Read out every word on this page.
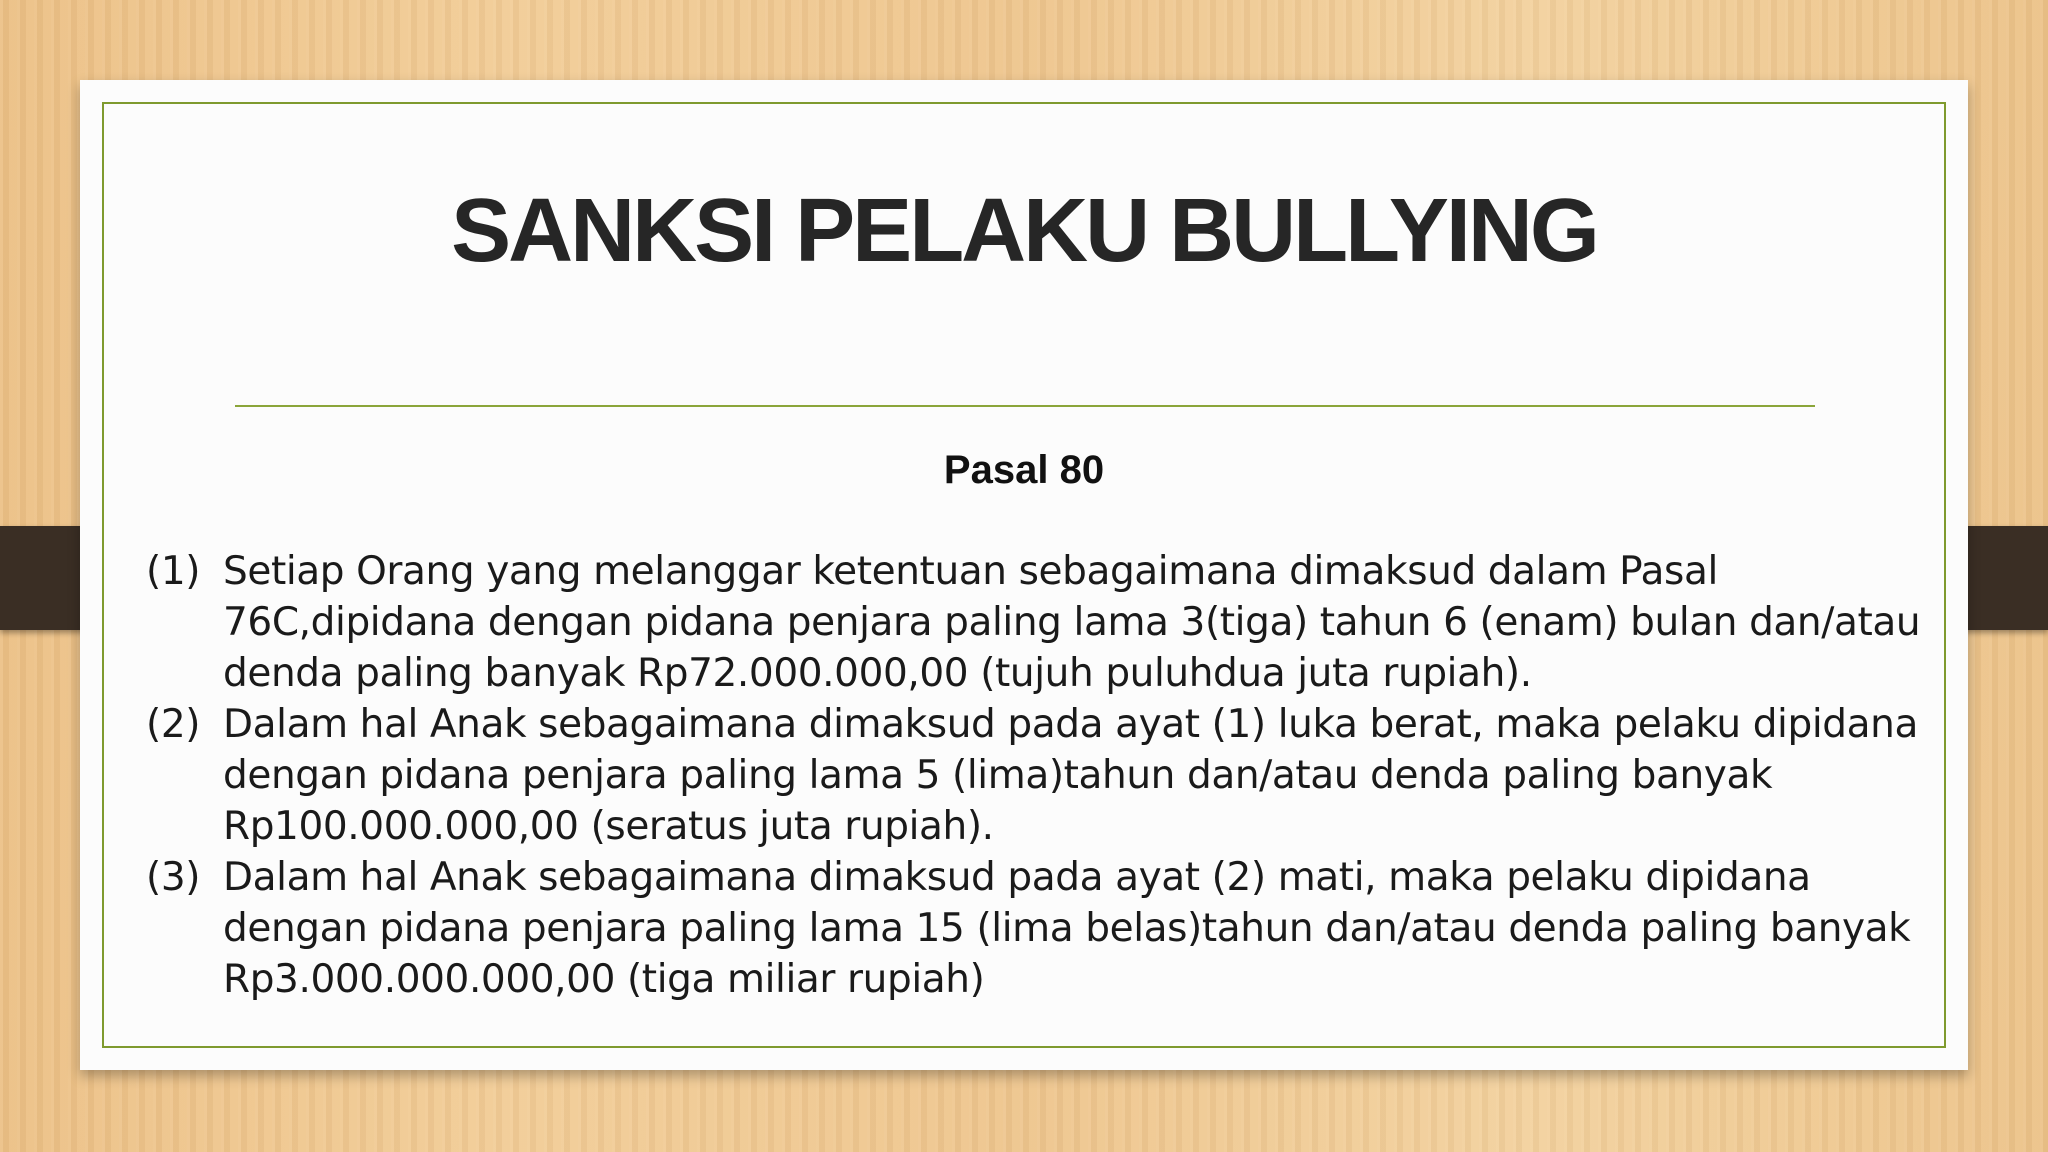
SANKSI PELAKU BULLYING
Pasal 80
(1) Setiap Orang yang melanggar ketentuan sebagaimana dimaksud dalam Pasal 76C,dipidana dengan pidana penjara paling lama 3(tiga) tahun 6 (enam) bulan dan/atau denda paling banyak Rp72.000.000,00 (tujuh puluhdua juta rupiah).
(2) Dalam hal Anak sebagaimana dimaksud pada ayat (1) luka berat, maka pelaku dipidana dengan pidana penjara paling lama 5 (lima)tahun dan/atau denda paling banyak Rp100.000.000,00 (seratus juta rupiah).
(3) Dalam hal Anak sebagaimana dimaksud pada ayat (2) mati, maka pelaku dipidana dengan pidana penjara paling lama 15 (lima belas)tahun dan/atau denda paling banyak Rp3.000.000.000,00 (tiga miliar rupiah)
